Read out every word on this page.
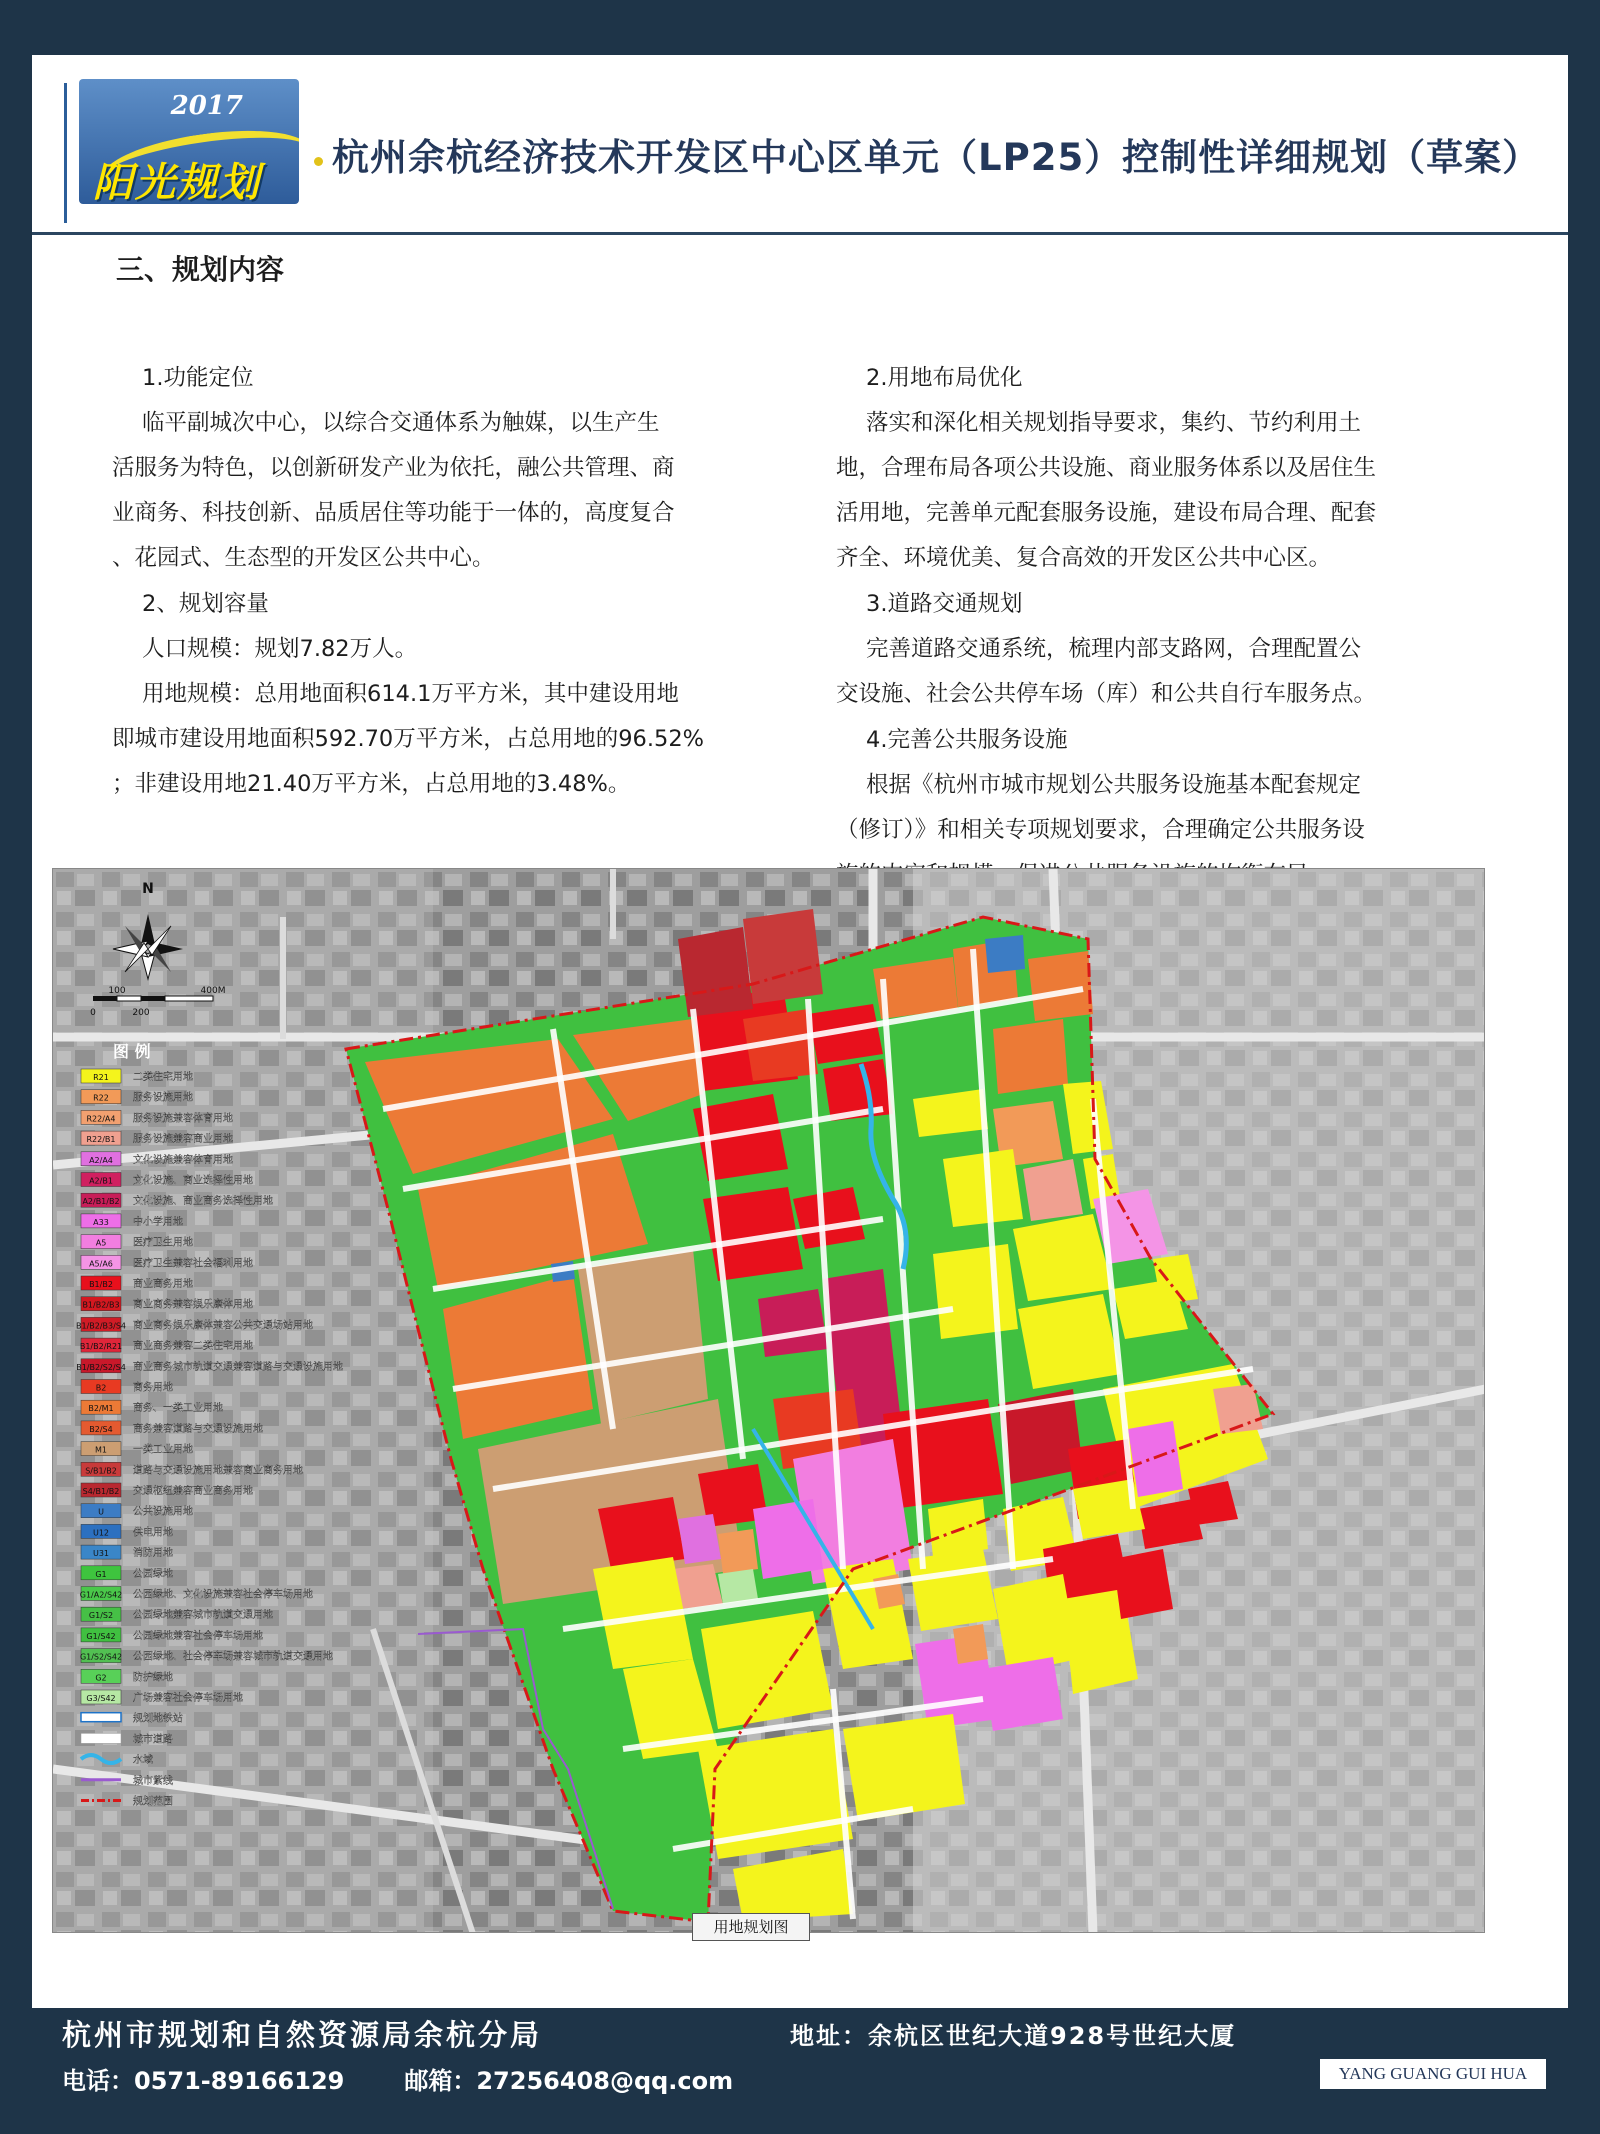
2017
阳光规划
杭州余杭经济技术开发区中心区单元（LP25）控制性详细规划（草案）
三、规划内容
1.功能定位
临平副城次中心，以综合交通体系为触媒，以生产生
活服务为特色，以创新研发产业为依托，融公共管理、商
业商务、科技创新、品质居住等功能于一体的，高度复合
、花园式、生态型的开发区公共中心。
2、规划容量
人口规模：规划7.82万人。
用地规模：总用地面积614.1万平方米，其中建设用地
即城市建设用地面积592.70万平方米，占总用地的96.52%
；非建设用地21.40万平方米，占总用地的3.48%。
2.用地布局优化
落实和深化相关规划指导要求，集约、节约利用土
地，合理布局各项公共设施、商业服务体系以及居住生
活用地，完善单元配套服务设施，建设布局合理、配套
齐全、环境优美、复合高效的开发区公共中心区。
3.道路交通规划
完善道路交通系统，梳理内部支路网，合理配置公
交设施、社会公共停车场（库）和公共自行车服务点。
4.完善公共服务设施
根据《杭州市城市规划公共服务设施基本配套规定
（修订）》和相关专项规划要求，合理确定公共服务设
N
0
100
200
400M
图 例
R21 二类住宅用地
R22 服务设施用地
R22/A4 服务设施兼容体育用地
R22/B1 服务设施兼容商业用地
A2/A4 文化设施兼容体育用地
A2/B1 文化设施、商业选择性用地
A2/B1/B2 文化设施、商业商务选择性用地
A33 中小学用地
A5	医疗卫生用地
A5/A6 医疗卫生兼容社会福利用地
B1/B2 商业商务用地
B1/B2/B3 商业商务兼容娱乐康体用地
B1/B2/B3/S4 商业商务娱乐康体兼容公共交通场站用地
B1/B2/R21 商业商务兼容二类住宅用地
B1/B2/S2/S4 商业商务城市轨道交通兼容道路与交通设施用地
B2	商务用地
B2/M1 商务、一类工业用地
B2/S4 商务兼容道路与交通设施用地
M1	一类工业用地
S/B1/B2 道路与交通设施用地兼容商业商务用地
S4/B1/B2 交通枢纽兼容商业商务用地
U	公共设施用地
U12 供电用地
U31 消防用地
G1	公园绿地
G1/A2/S42 公园绿地、文化设施兼容社会停车场用地
G1/S2 公园绿地兼容城市轨道交通用地
G1/S42 公园绿地兼容社会停车场用地
G1/S2/S42 公园绿地、社会停车场兼容城市轨道交通用地
G2	防护绿地
G3/S42 广场兼容社会停车场用地
规划地铁站
城市道路
水域
城市紫线
规划范围
用地规划图
杭州市规划和自然资源局余杭分局	地址：余杭区世纪大道928号世纪大厦
电话：0571-89166129	邮箱：27256408@qq.com	YANG GUANG GUI HUA
